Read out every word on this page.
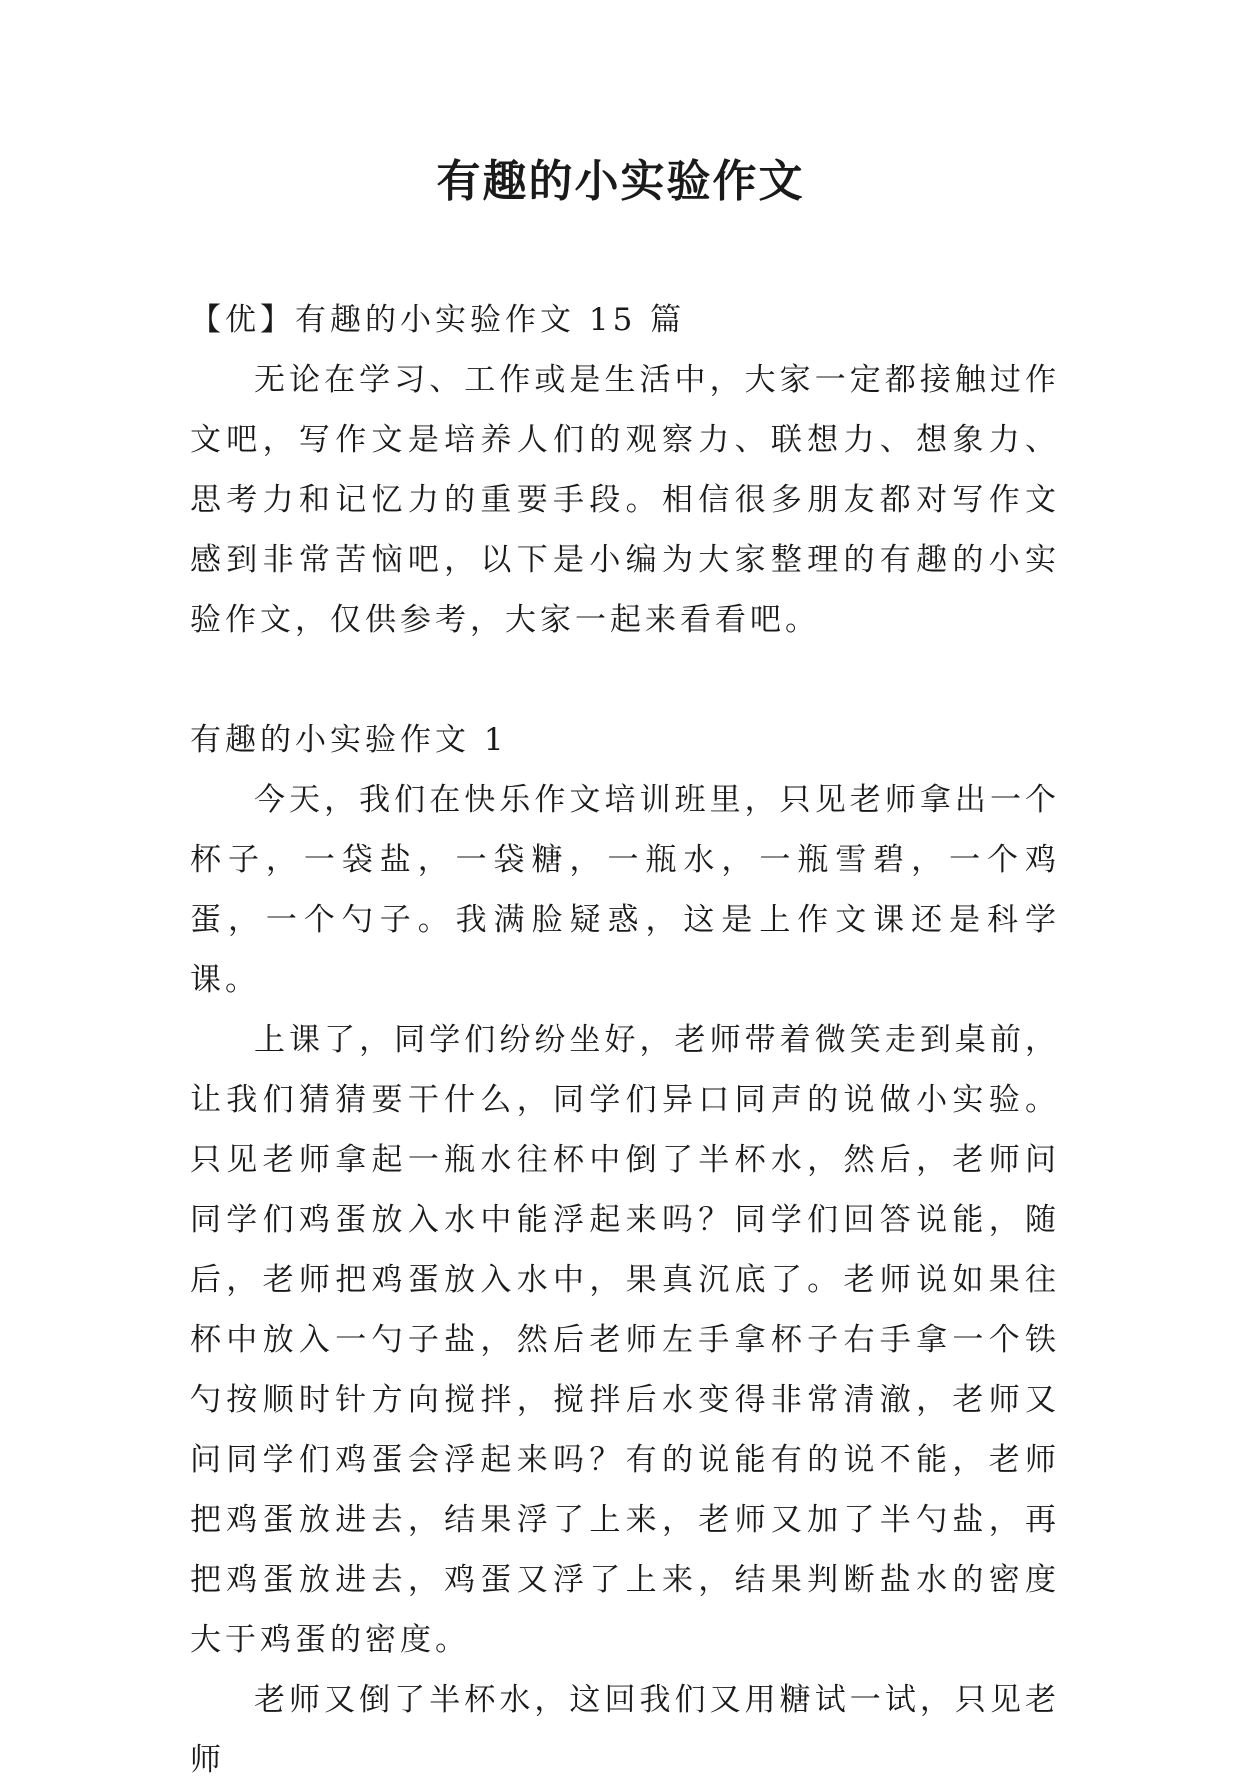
有趣的小实验作文

【优】有趣的小实验作文 15 篇

无论在学习、工作或是生活中，大家一定都接触过作文吧，写作文是培养人们的观察力、联想力、想象力、思考力和记忆力的重要手段。相信很多朋友都对写作文感到非常苦恼吧，以下是小编为大家整理的有趣的小实验作文，仅供参考，大家一起来看看吧。

有趣的小实验作文 1

今天，我们在快乐作文培训班里，只见老师拿出一个杯子，一袋盐，一袋糖，一瓶水，一瓶雪碧，一个鸡蛋，一个勺子。我满脸疑惑，这是上作文课还是科学课。

上课了，同学们纷纷坐好，老师带着微笑走到桌前，让我们猜猜要干什么，同学们异口同声的说做小实验。只见老师拿起一瓶水往杯中倒了半杯水，然后，老师问同学们鸡蛋放入水中能浮起来吗？同学们回答说能，随后，老师把鸡蛋放入水中，果真沉底了。老师说如果往杯中放入一勺子盐，然后老师左手拿杯子右手拿一个铁勺按顺时针方向搅拌，搅拌后水变得非常清澈，老师又问同学们鸡蛋会浮起来吗？有的说能有的说不能，老师把鸡蛋放进去，结果浮了上来，老师又加了半勺盐，再把鸡蛋放进去，鸡蛋又浮了上来，结果判断盐水的密度大于鸡蛋的密度。

老师又倒了半杯水，这回我们又用糖试一试，只见老师
